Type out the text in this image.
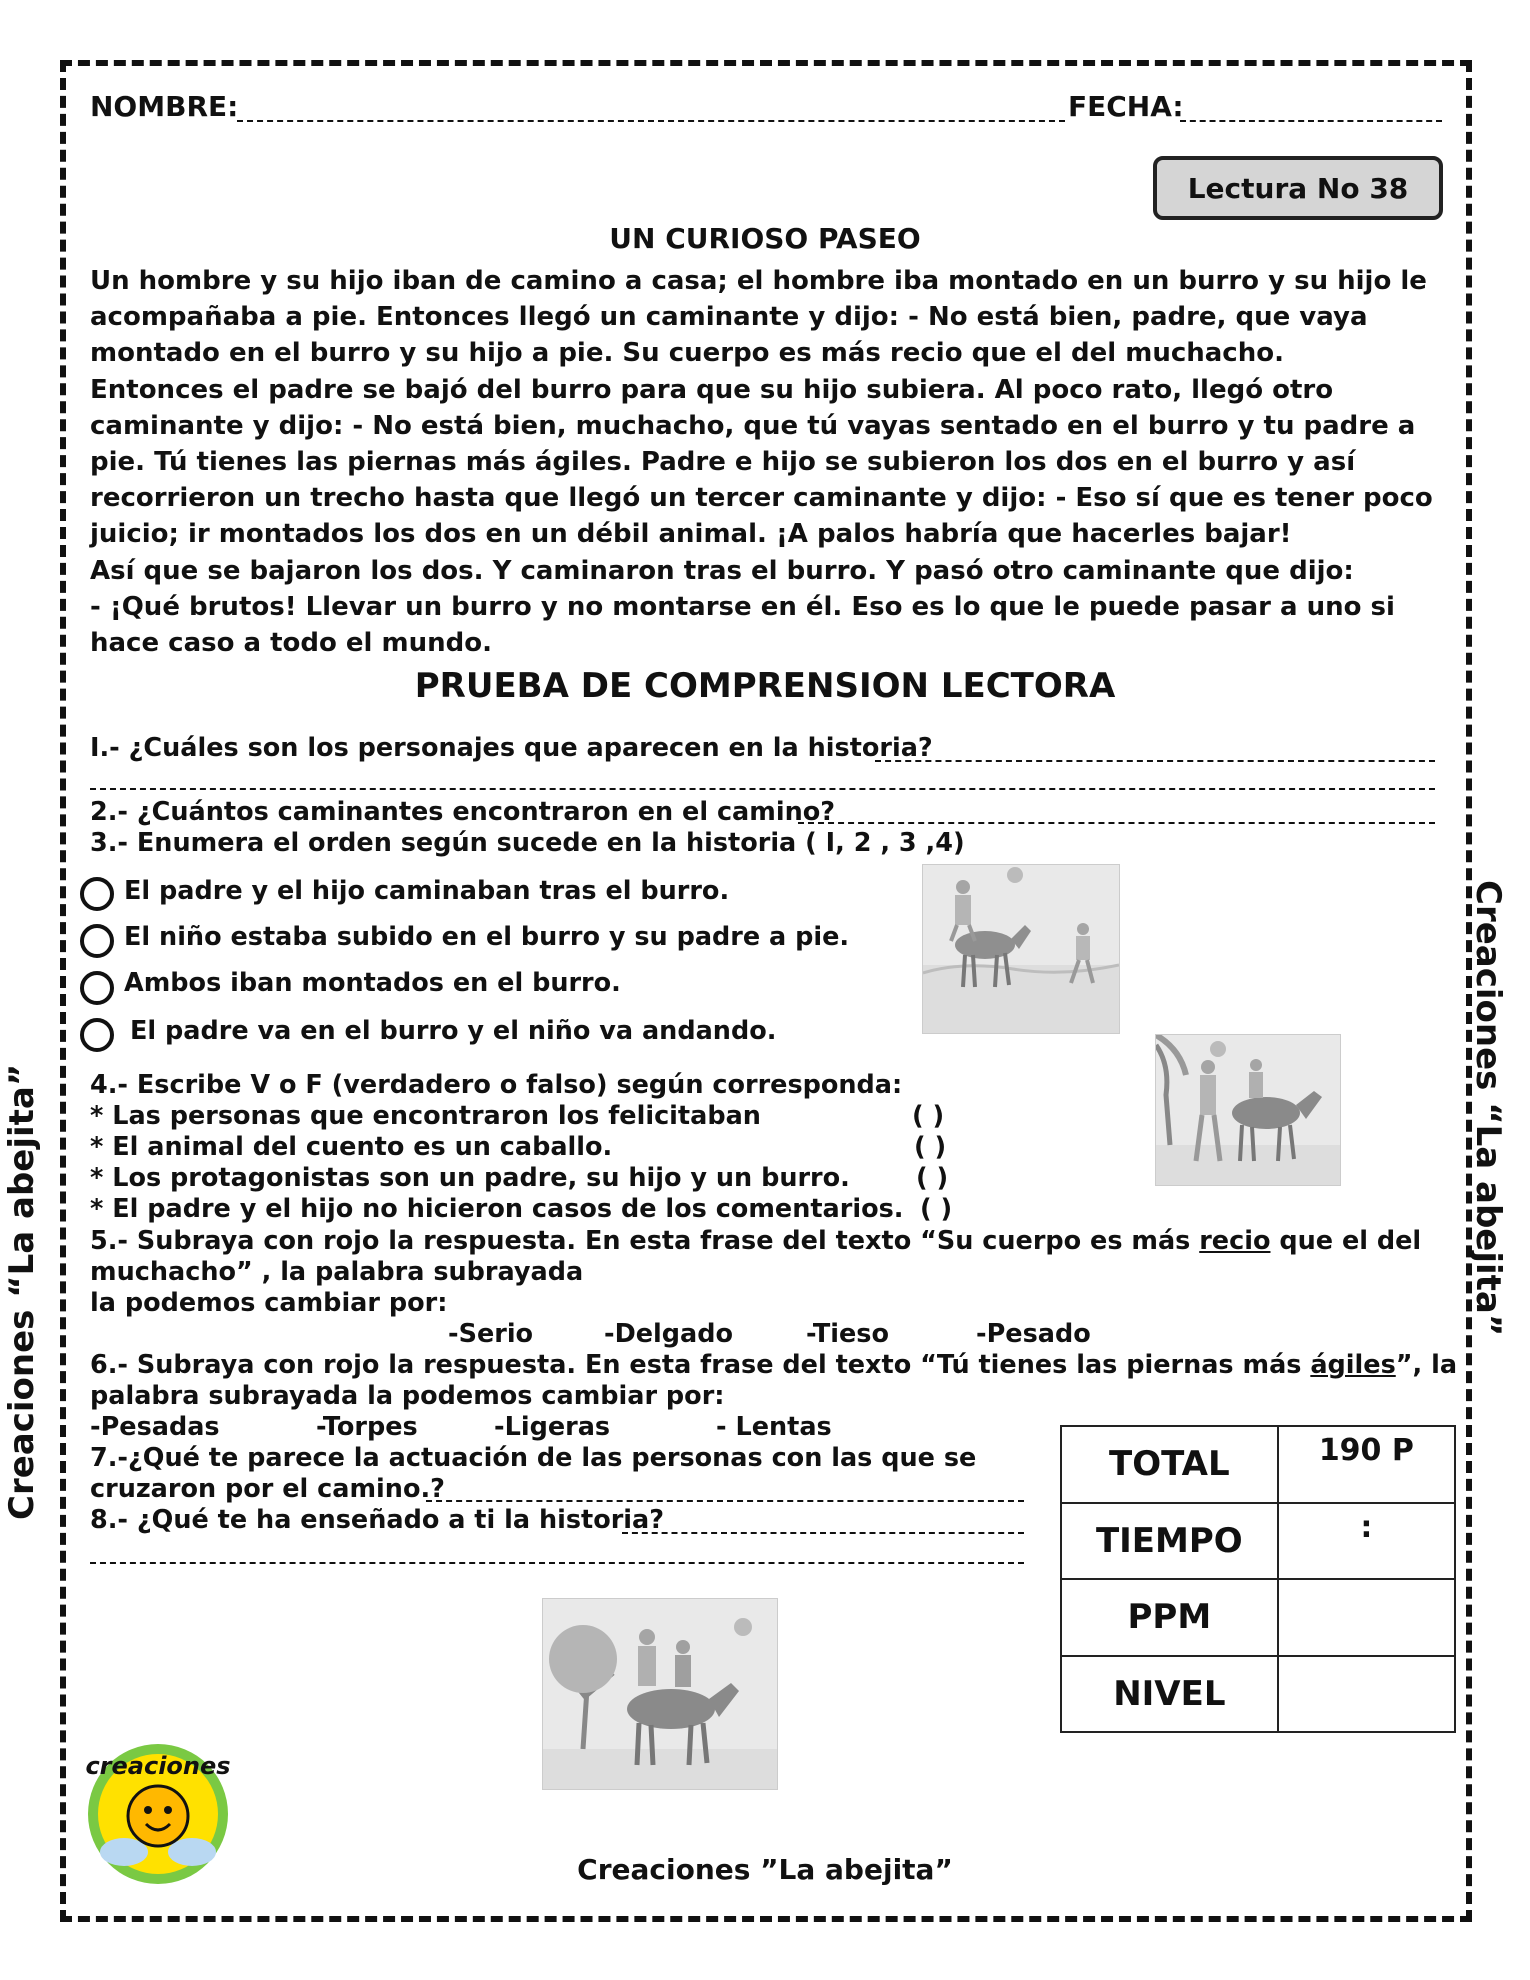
Creaciones “La abejita”	Creaciones “La abejita”
NOMBRE:	FECHA:
Lectura No 38
UN CURIOSO PASEO

Un hombre y su hijo iban de camino a casa; el hombre iba montado en un burro y su hijo le acompañaba a pie. Entonces llegó un caminante y dijo: - No está bien, padre, que vaya montado en el burro y su hijo a pie. Su cuerpo es más recio que el del muchacho.

Entonces el padre se bajó del burro para que su hijo subiera. Al poco rato, llegó otro caminante y dijo: - No está bien, muchacho, que tú vayas sentado en el burro y tu padre a pie. Tú tienes las piernas más ágiles. Padre e hijo se subieron los dos en el burro y así recorrieron un trecho hasta que llegó un tercer caminante y dijo: - Eso sí que es tener poco juicio; ir montados los dos en un débil animal. ¡A palos habría que hacerles bajar!

Así que se bajaron los dos. Y caminaron tras el burro. Y pasó otro caminante que dijo:

- ¡Qué brutos! Llevar un burro y no montarse en él. Eso es lo que le puede pasar a uno si hace caso a todo el mundo.

PRUEBA DE COMPRENSION LECTORA
I.- ¿Cuáles son los personajes que aparecen en la historia?
2.- ¿Cuántos caminantes encontraron en el camino?
3.- Enumera el orden según sucede en la historia ( I, 2 , 3 ,4)
El padre y el hijo caminaban tras el burro.
El niño estaba subido en el burro y su padre a pie.
Ambos iban montados en el burro.
El padre va en el burro y el niño va andando.
4.- Escribe V o F (verdadero o falso) según corresponda:
* Las personas que encontraron los felicitaban	( )
* El animal del cuento es un caballo.	( )
* Los protagonistas son un padre, su hijo y un burro.	( )
* El padre y el hijo no hicieron casos de los comentarios. ( )
5.- Subraya con rojo la respuesta. En esta frase del texto “Su cuerpo es más recio que el del
muchacho” , la palabra subrayada
la podemos cambiar por:
-Serio	-Delgado	-Tieso	-Pesado
6.- Subraya con rojo la respuesta. En esta frase del texto “Tú tienes las piernas más ágiles”, la
palabra subrayada la podemos cambiar por:
-Pesadas	-Torpes	-Ligeras	- Lentas
7.-¿Qué te parece la actuación de las personas con las que se
cruzaron por el camino.?
8.- ¿Qué te ha enseñado a ti la historia?
TOTAL	190 P
TIEMPO	:
PPM	
NIVEL	
creaciones
Creaciones ”La abejita”
